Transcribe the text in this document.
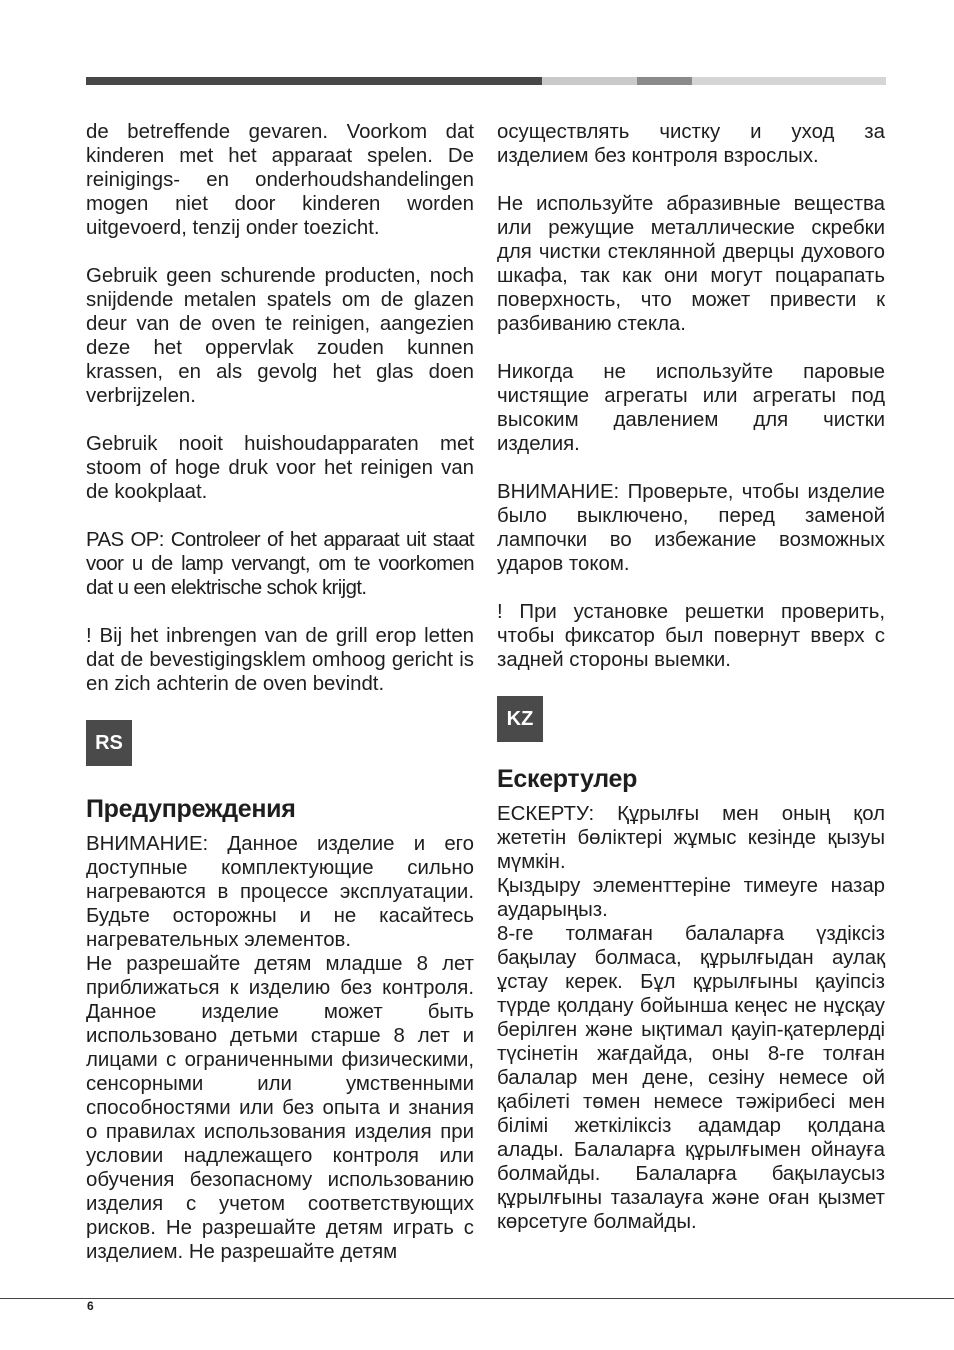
de betreffende gevaren. Voorkom dat kinderen met het apparaat spelen. De reinigings- en onderhoudshandelingen mogen niet door kinderen worden uitgevoerd, tenzij onder toezicht.

Gebruik geen schurende producten, noch snijdende metalen spatels om de glazen deur van de oven te reinigen, aangezien deze het oppervlak zouden kunnen krassen, en als gevolg het glas doen verbrijzelen.

Gebruik nooit huishoudapparaten met stoom of hoge druk voor het reinigen van de kookplaat.

PAS OP: Controleer of het apparaat uit staat voor u de lamp vervangt, om te voorkomen dat u een elektrische schok krijgt.

! Bij het inbrengen van de grill erop letten dat de bevestigingsklem omhoog gericht is en zich achterin de oven bevindt.

RS
Предупреждения

ВНИМАНИЕ: Данное изделие и его доступные комплектующие сильно нагреваются в процессе эксплуатации. Будьте осторожны и не касайтесь нагревательных элементов.

Не разрешайте детям младше 8 лет приближаться к изделию без контроля. Данное изделие может быть использовано детьми старше 8 лет и лицами с ограниченными физическими, сенсорными или умственными способностями или без опыта и знания о правилах использования изделия при условии надлежащего контроля или обучения безопасному использованию изделия с учетом соответствующих рисков. Не разрешайте детям играть с изделием. Не разрешайте детям

осуществлять чистку и уход за изделием без контроля взрослых.

Не используйте абразивные вещества или режущие металлические скребки для чистки стеклянной дверцы духового шкафа, так как они могут поцарапать поверхность, что может привести к разбиванию стекла.

Никогда не используйте паровые чистящие агрегаты или агрегаты под высоким давлением для чистки изделия.

ВНИМАНИЕ: Проверьте, чтобы изделие было выключено, перед заменой лампочки во избежание возможных ударов током.

! При установке решетки проверить, чтобы фиксатор был повернут вверх с задней стороны выемки.

KZ
Ескертулер

ЕСКЕРТУ: Құрылғы мен оның қол жететін бөліктері жұмыс кезінде қызуы мүмкін.

Қыздыру элементтеріне тимеуге назар аударыңыз.

8-ге толмаған балаларға үздіксіз бақылау болмаса, құрылғыдан аулақ ұстау керек. Бұл құрылғыны қауіпсіз түрде қолдану бойынша кеңес не нұсқау берілген және ықтимал қауіп-қатерлерді түсінетін жағдайда, оны 8-ге толған балалар мен дене, сезіну немесе ой қабілеті төмен немесе тәжірибесі мен білімі жеткіліксіз адамдар қолдана алады. Балаларға құрылғымен ойнауға болмайды. Балаларға бақылаусыз құрылғыны тазалауға және оған қызмет көрсетуге болмайды.

6
